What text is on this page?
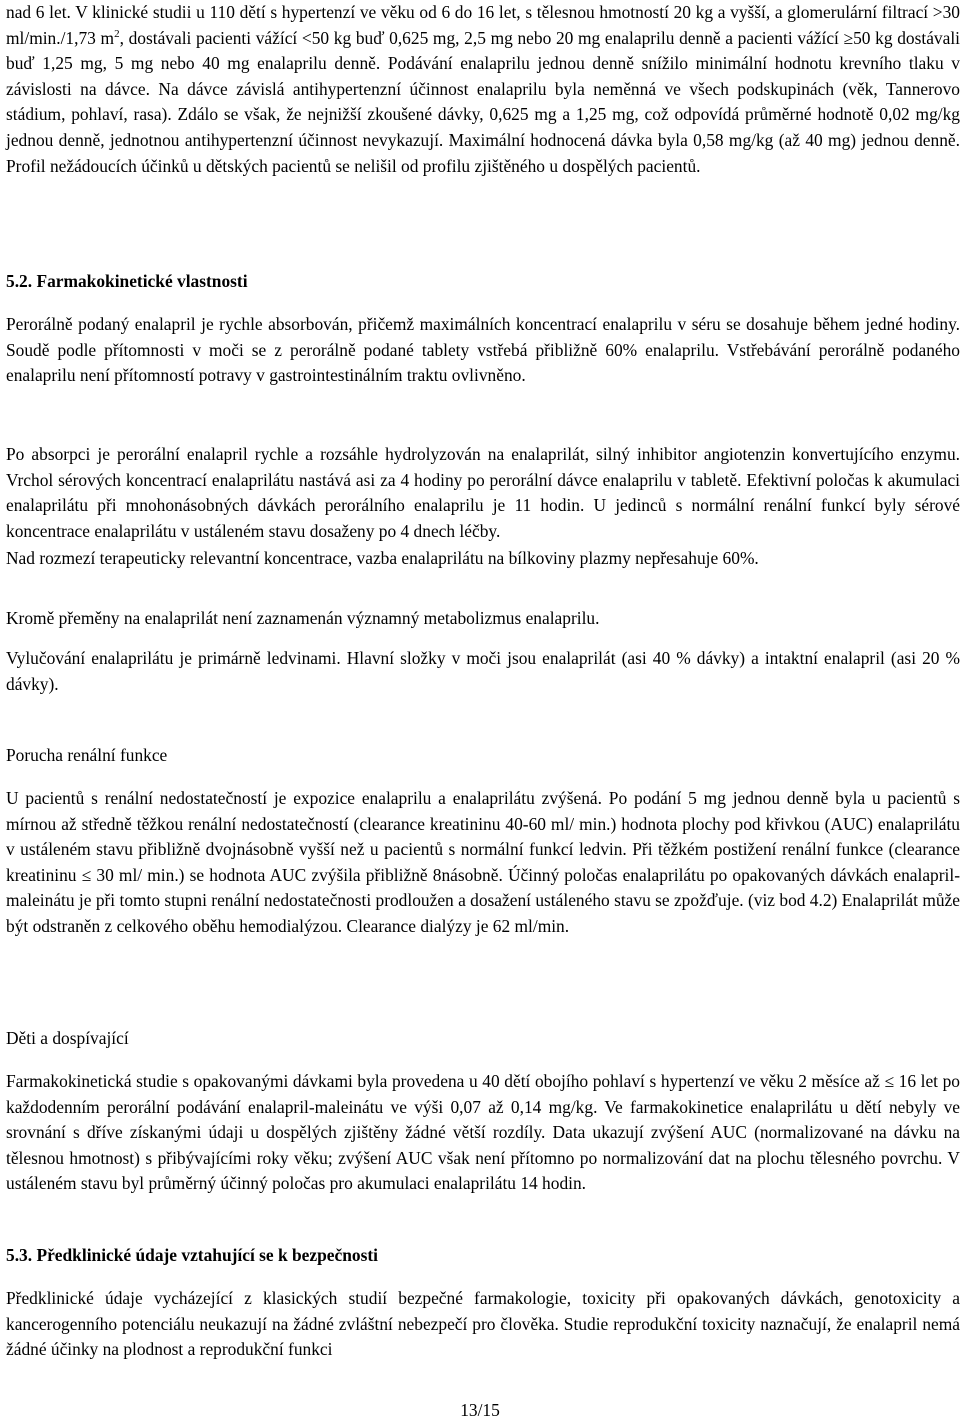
nad 6 let. V klinické studii u 110 dětí s hypertenzí ve věku od 6 do 16 let, s tělesnou hmotností 20 kg a vyšší, a glomerulární filtrací >30 ml/min./1,73 $m^2$, dostávali pacienti vážící <50 kg buď 0,625 mg, 2,5 mg nebo 20 mg enalaprilu denně a pacienti vážící ≥50 kg dostávali buď 1,25 mg, 5 mg nebo 40 mg enalaprilu denně. Podávání enalaprilu jednou denně snížilo minimální hodnotu krevního tlaku v závislosti na dávce. Na dávce závislá antihypertenzní účinnost enalaprilu byla neměnná ve všech podskupinách (věk, Tannerovo stádium, pohlaví, rasa). Zdálo se však, že nejnižší zkoušené dávky, 0,625 mg a 1,25 mg, což odpovídá průměrné hodnotě 0,02 mg/kg jednou denně, jednotnou antihypertenzní účinnost nevykazují. Maximální hodnocená dávka byla 0,58 mg/kg (až 40 mg) jednou denně. Profil nežádoucích účinků u dětských pacientů se nelišil od profilu zjištěného u dospělých pacientů.

5.2. Farmakokinetické vlastnosti

Perorálně podaný enalapril je rychle absorbován, přičemž maximálních koncentrací enalaprilu v séru se dosahuje během jedné hodiny. Soudě podle přítomnosti v moči se z perorálně podané tablety vstřebá přibližně 60% enalaprilu. Vstřebávání perorálně podaného enalaprilu není přítomností potravy v gastrointestinálním traktu ovlivněno.

Po absorpci je perorální enalapril rychle a rozsáhle hydrolyzován na enalaprilát, silný inhibitor angiotenzin konvertujícího enzymu. Vrchol sérových koncentrací enalaprilátu nastává asi za 4 hodiny po perorální dávce enalaprilu v tabletě. Efektivní poločas k akumulaci enalaprilátu při mnohonásobných dávkách perorálního enalaprilu je 11 hodin. U jedinců s normální renální funkcí byly sérové koncentrace enalaprilátu v ustáleném stavu dosaženy po 4 dnech léčby.

Nad rozmezí terapeuticky relevantní koncentrace, vazba enalaprilátu na bílkoviny plazmy nepřesahuje 60%.

Kromě přeměny na enalaprilát není zaznamenán významný metabolizmus enalaprilu.

Vylučování enalaprilátu je primárně ledvinami. Hlavní složky v moči jsou enalaprilát (asi 40 % dávky) a intaktní enalapril (asi 20 % dávky).

Porucha renální funkce

U pacientů s renální nedostatečností je expozice enalaprilu a enalaprilátu zvýšená. Po podání 5 mg jednou denně byla u pacientů s mírnou až středně těžkou renální nedostatečností (clearance kreatininu 40-60 ml/ min.) hodnota plochy pod křivkou (AUC) enalaprilátu v ustáleném stavu přibližně dvojnásobně vyšší než u pacientů s normální funkcí ledvin. Při těžkém postižení renální funkce (clearance kreatininu ≤ 30 ml/ min.) se hodnota AUC zvýšila přibližně 8násobně. Účinný poločas enalaprilátu po opakovaných dávkách enalapril-maleinátu je při tomto stupni renální nedostatečnosti prodloužen a dosažení ustáleného stavu se zpožďuje. (viz bod 4.2) Enalaprilát může být odstraněn z celkového oběhu hemodialýzou. Clearance dialýzy je 62 ml/min.

Děti a dospívající

Farmakokinetická studie s opakovanými dávkami byla provedena u 40 dětí obojího pohlaví s hypertenzí ve věku 2 měsíce až ≤ 16 let po každodenním perorální podávání enalapril-maleinátu ve výši 0,07 až 0,14 mg/kg. Ve farmakokinetice enalaprilátu u dětí nebyly ve srovnání s dříve získanými údaji u dospělých zjištěny žádné větší rozdíly. Data ukazují zvýšení AUC (normalizované na dávku na tělesnou hmotnost) s přibývajícími roky věku; zvýšení AUC však není přítomno po normalizování dat na plochu tělesného povrchu. V ustáleném stavu byl průměrný účinný poločas pro akumulaci enalaprilátu 14 hodin.

5.3. Předklinické údaje vztahující se k bezpečnosti

Předklinické údaje vycházející z klasických studií bezpečné farmakologie, toxicity při opakovaných dávkách, genotoxicity a kancerogenního potenciálu neukazují na žádné zvláštní nebezpečí pro člověka. Studie reprodukční toxicity naznačují, že enalapril nemá žádné účinky na plodnost a reprodukční funkci

13/15
